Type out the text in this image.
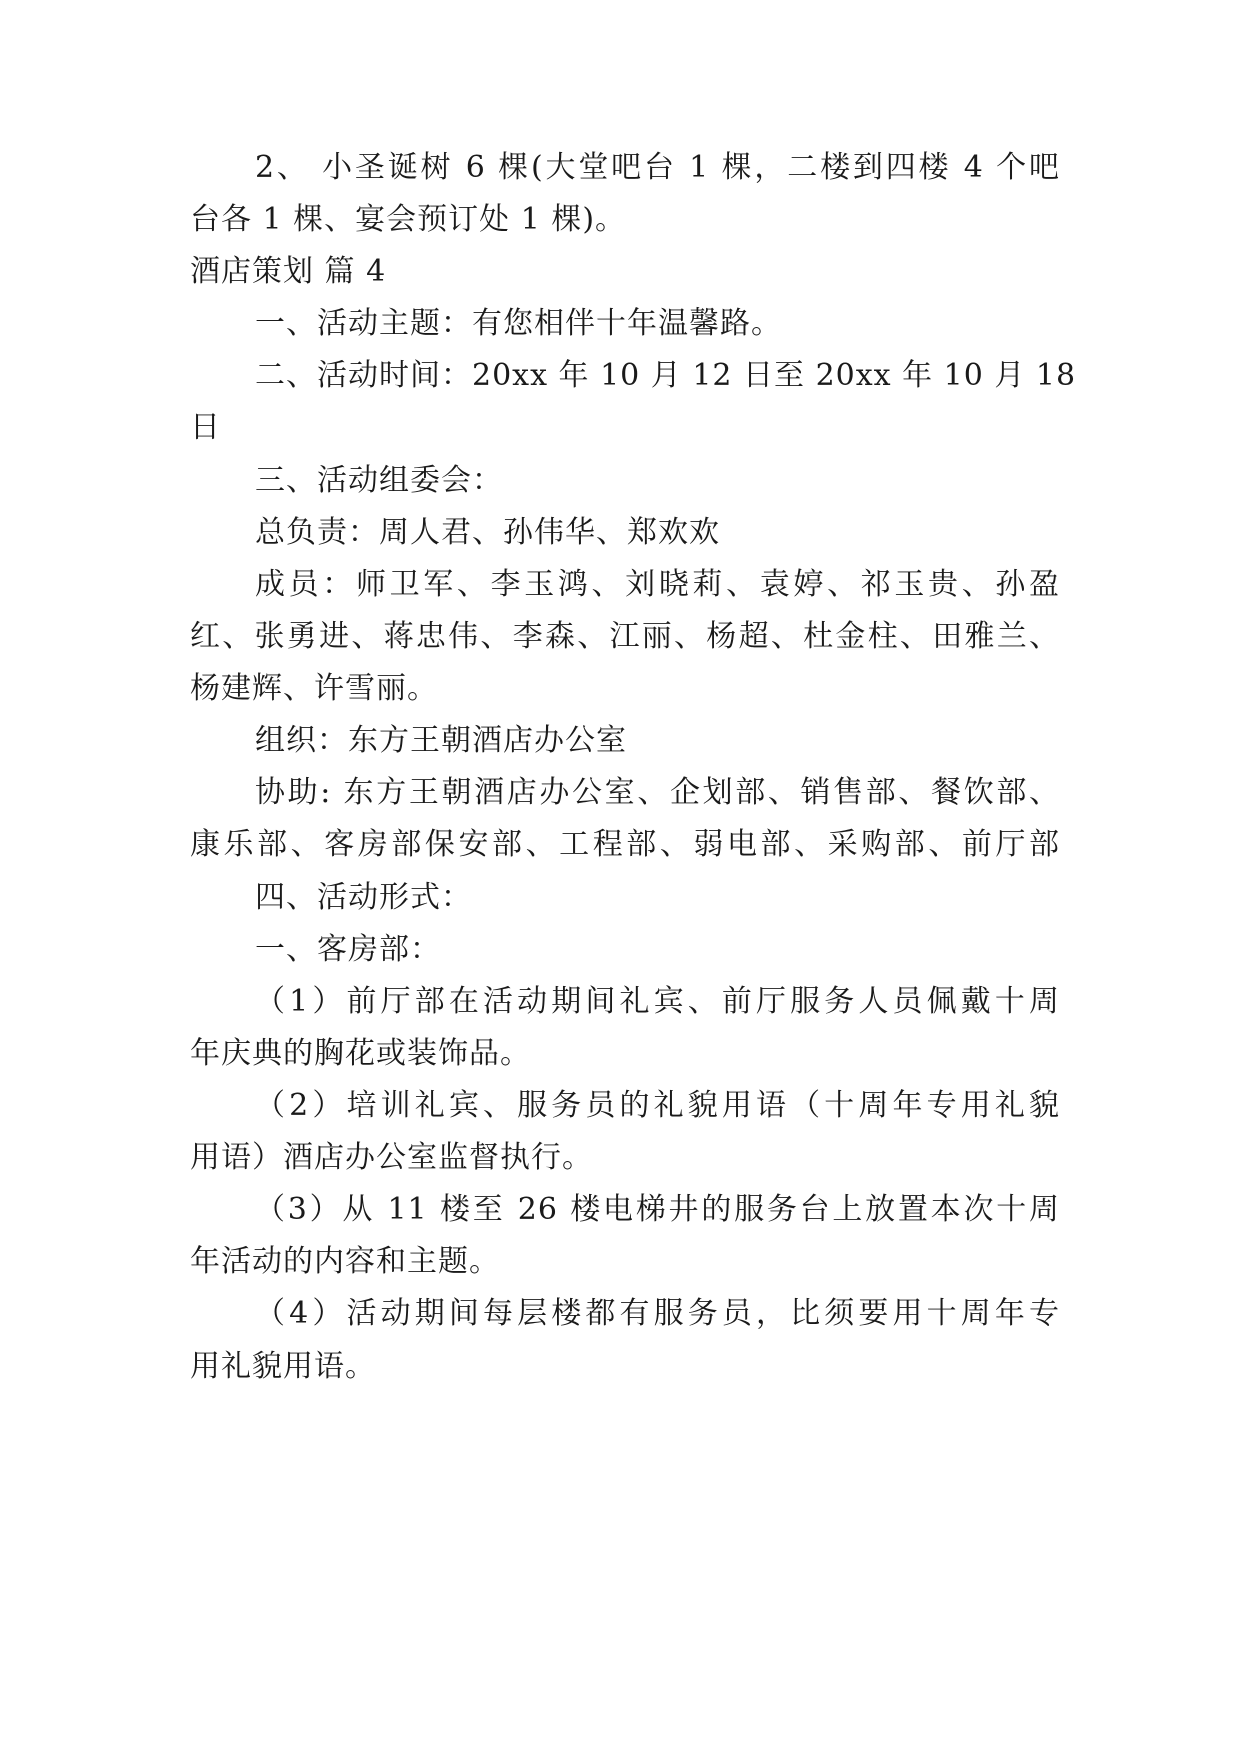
2、 小圣诞树 6 棵(大堂吧台 1 棵，二楼到四楼 4 个吧
台各 1 棵、宴会预订处 1 棵)。
酒店策划 篇 4
一、活动主题：有您相伴十年温馨路。
二、活动时间：20xx 年 10 月 12 日至 20xx 年 10 月 18
日
三、活动组委会：
总负责：周人君、孙伟华、郑欢欢
成员：师卫军、李玉鸿、刘晓莉、袁婷、祁玉贵、孙盈
红、张勇进、蒋忠伟、李森、江丽、杨超、杜金柱、田雅兰、
杨建辉、许雪丽。
组织：东方王朝酒店办公室
协助: 东方王朝酒店办公室、企划部、销售部、餐饮部、
康乐部、客房部保安部、工程部、弱电部、采购部、前厅部
四、活动形式：
一、客房部：
（1）前厅部在活动期间礼宾、前厅服务人员佩戴十周
年庆典的胸花或装饰品。
（2）培训礼宾、服务员的礼貌用语（十周年专用礼貌
用语）酒店办公室监督执行。
（3）从 11 楼至 26 楼电梯井的服务台上放置本次十周
年活动的内容和主题。
（4）活动期间每层楼都有服务员，比须要用十周年专
用礼貌用语。
